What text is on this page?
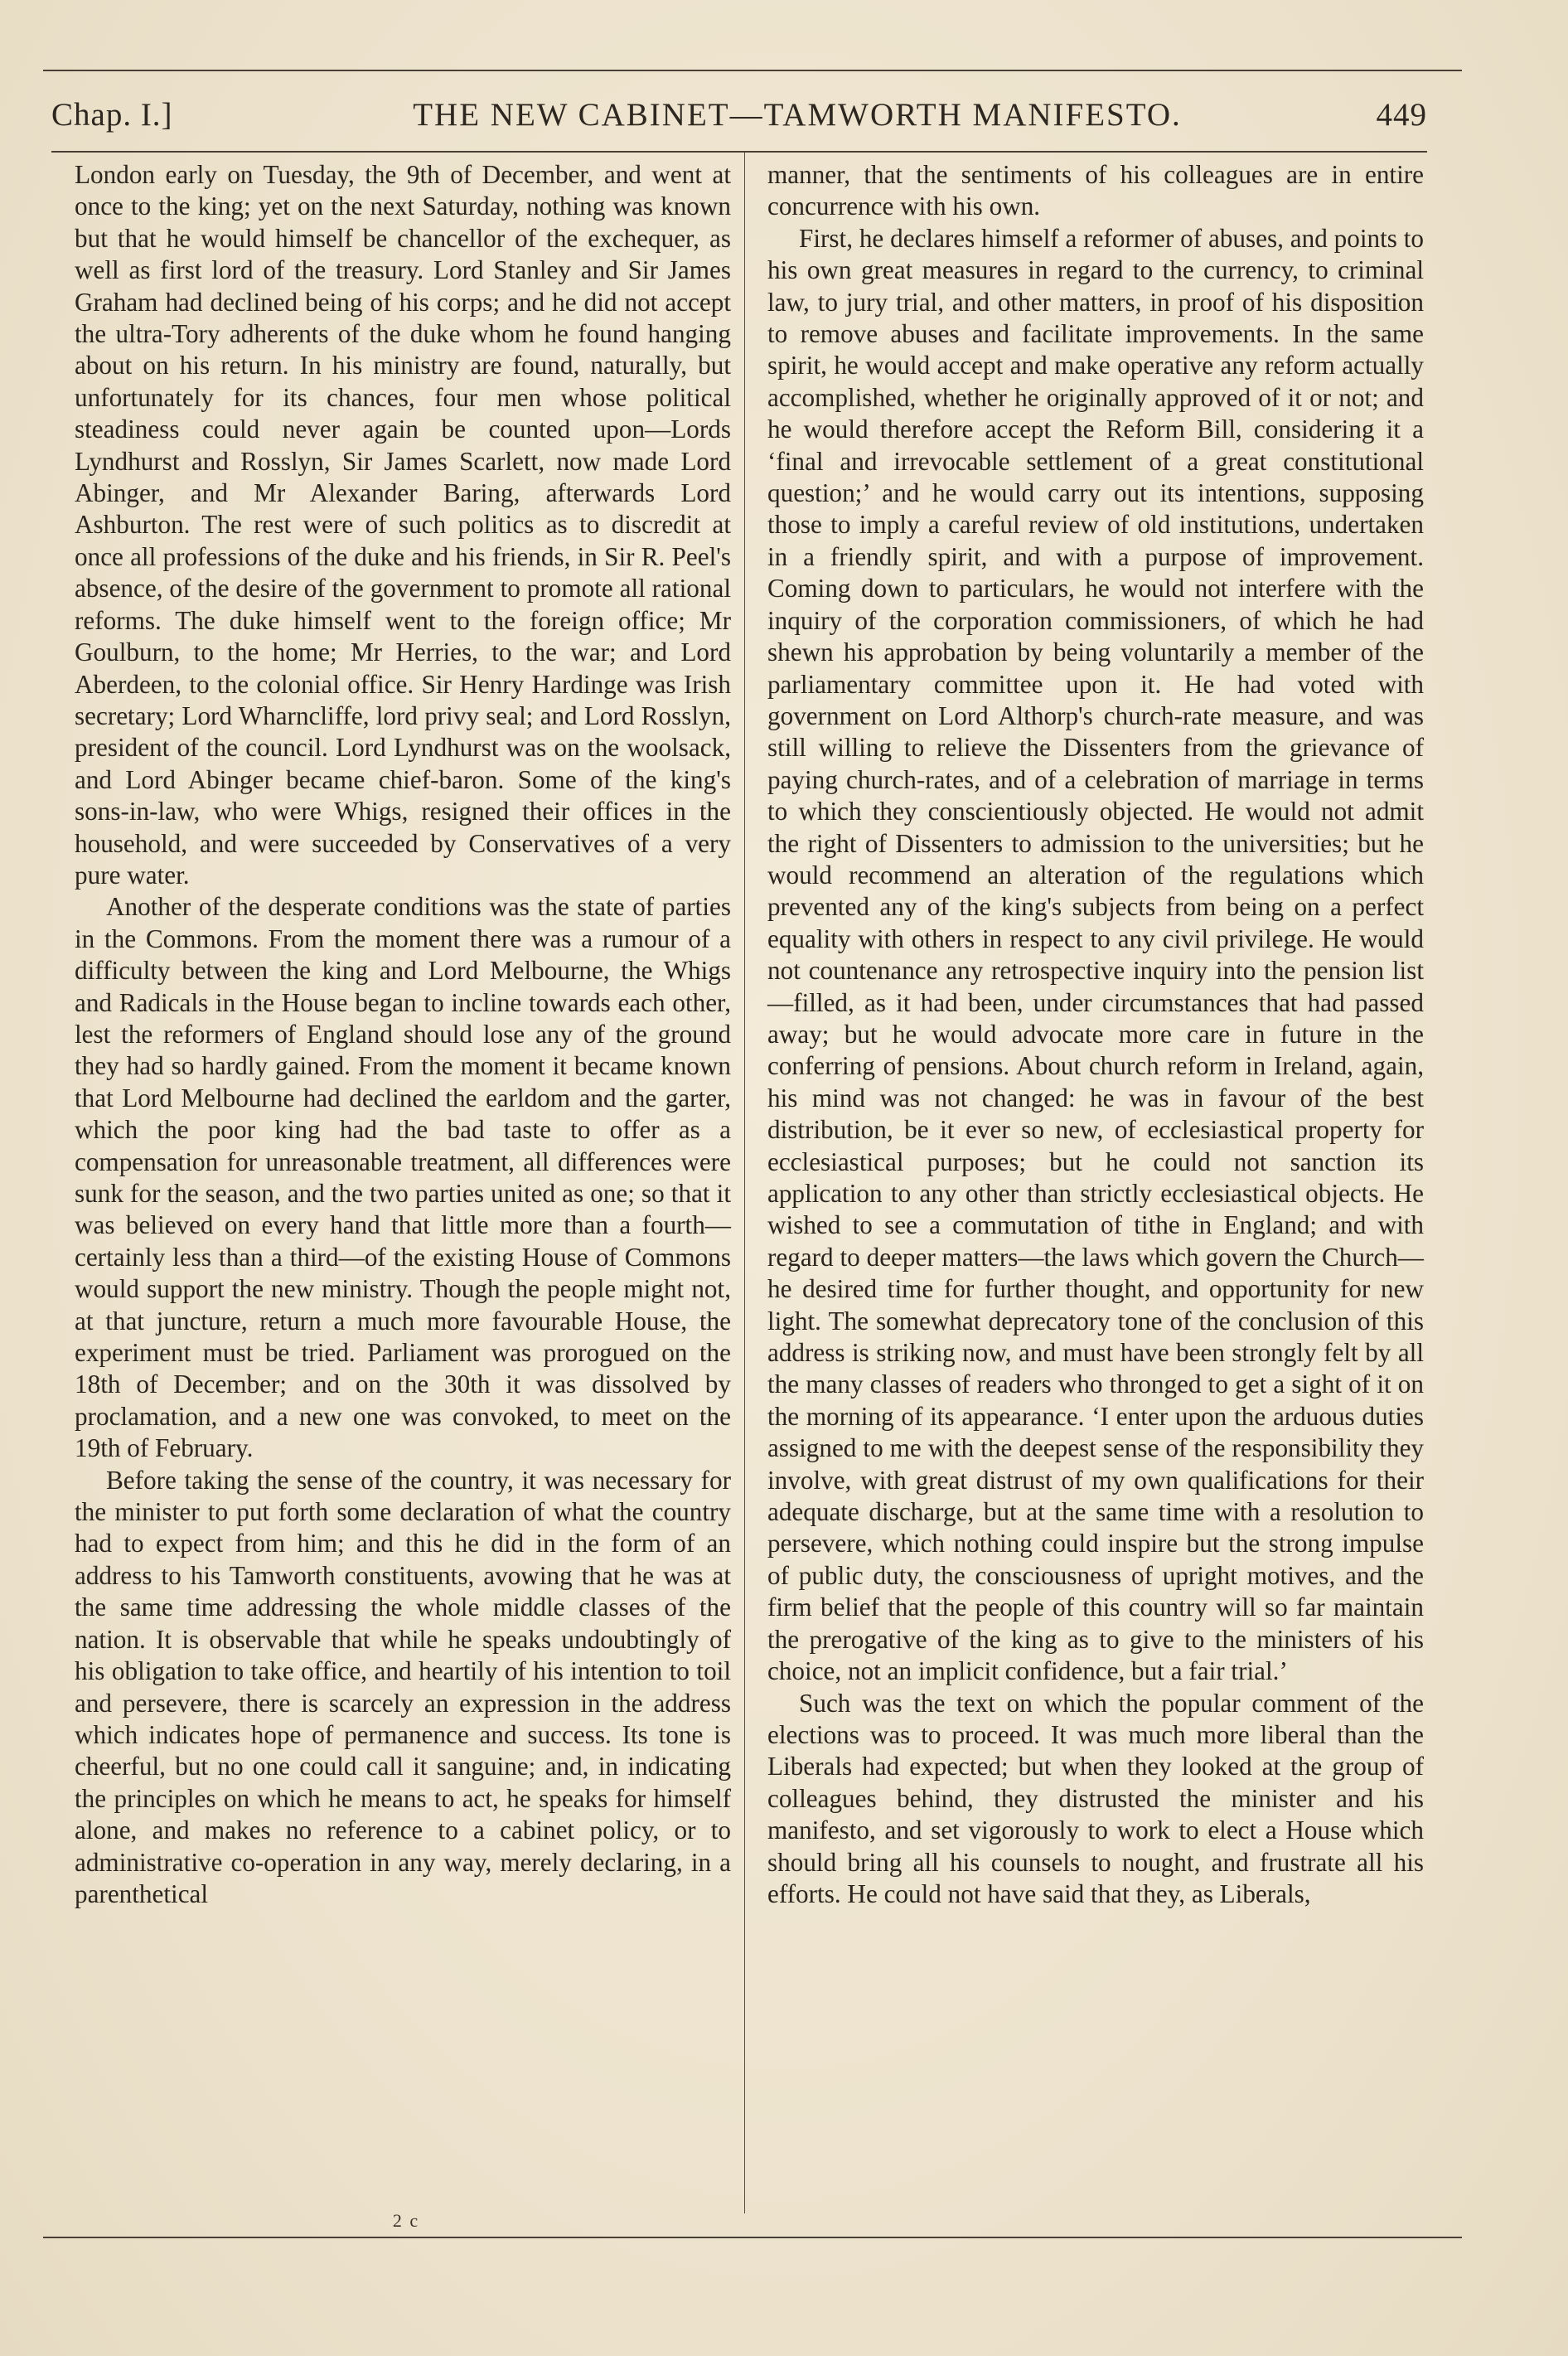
Chap. I.]	THE NEW CABINET—TAMWORTH MANIFESTO.	449

London early on Tuesday, the 9th of December, and went at once to the king; yet on the next Saturday, nothing was known but that he would himself be chancellor of the exchequer, as well as first lord of the treasury. Lord Stanley and Sir James Graham had declined being of his corps; and he did not accept the ultra-Tory adherents of the duke whom he found hanging about on his return. In his ministry are found, naturally, but unfortunately for its chances, four men whose political steadiness could never again be counted upon—Lords Lyndhurst and Rosslyn, Sir James Scarlett, now made Lord Abinger, and Mr Alexander Baring, afterwards Lord Ashburton. The rest were of such politics as to discredit at once all professions of the duke and his friends, in Sir R. Peel's absence, of the desire of the government to promote all rational reforms. The duke himself went to the foreign office; Mr Goulburn, to the home; Mr Herries, to the war; and Lord Aberdeen, to the colonial office. Sir Henry Hardinge was Irish secretary; Lord Wharncliffe, lord privy seal; and Lord Rosslyn, president of the council. Lord Lyndhurst was on the woolsack, and Lord Abinger became chief-baron. Some of the king's sons-in-law, who were Whigs, resigned their offices in the household, and were succeeded by Conservatives of a very pure water.

Another of the desperate conditions was the state of parties in the Commons. From the moment there was a rumour of a difficulty between the king and Lord Melbourne, the Whigs and Radicals in the House began to incline towards each other, lest the reformers of England should lose any of the ground they had so hardly gained. From the moment it became known that Lord Melbourne had declined the earldom and the garter, which the poor king had the bad taste to offer as a compensation for unreasonable treatment, all differences were sunk for the season, and the two parties united as one; so that it was believed on every hand that little more than a fourth—certainly less than a third—of the existing House of Commons would support the new ministry. Though the people might not, at that juncture, return a much more favourable House, the experiment must be tried. Parliament was prorogued on the 18th of December; and on the 30th it was dissolved by proclamation, and a new one was convoked, to meet on the 19th of February.

Before taking the sense of the country, it was necessary for the minister to put forth some declaration of what the country had to expect from him; and this he did in the form of an address to his Tamworth constituents, avowing that he was at the same time addressing the whole middle classes of the nation. It is observable that while he speaks undoubtingly of his obligation to take office, and heartily of his intention to toil and persevere, there is scarcely an expression in the address which indicates hope of permanence and success. Its tone is cheerful, but no one could call it sanguine; and, in indicating the principles on which he means to act, he speaks for himself alone, and makes no reference to a cabinet policy, or to administrative co-operation in any way, merely declaring, in a parenthetical

manner, that the sentiments of his colleagues are in entire concurrence with his own.

First, he declares himself a reformer of abuses, and points to his own great measures in regard to the currency, to criminal law, to jury trial, and other matters, in proof of his disposition to remove abuses and facilitate improvements. In the same spirit, he would accept and make operative any reform actually accomplished, whether he originally approved of it or not; and he would therefore accept the Reform Bill, considering it a ‘final and irrevocable settlement of a great constitutional question;’ and he would carry out its intentions, supposing those to imply a careful review of old institutions, undertaken in a friendly spirit, and with a purpose of improvement. Coming down to particulars, he would not interfere with the inquiry of the corporation commissioners, of which he had shewn his approbation by being voluntarily a member of the parliamentary committee upon it. He had voted with government on Lord Althorp's church-rate measure, and was still willing to relieve the Dissenters from the grievance of paying church-rates, and of a celebration of marriage in terms to which they conscientiously objected. He would not admit the right of Dissenters to admission to the universities; but he would recommend an alteration of the regulations which prevented any of the king's subjects from being on a perfect equality with others in respect to any civil privilege. He would not countenance any retrospective inquiry into the pension list—filled, as it had been, under circumstances that had passed away; but he would advocate more care in future in the conferring of pensions. About church reform in Ireland, again, his mind was not changed: he was in favour of the best distribution, be it ever so new, of ecclesiastical property for ecclesiastical purposes; but he could not sanction its application to any other than strictly ecclesiastical objects. He wished to see a commutation of tithe in England; and with regard to deeper matters—the laws which govern the Church—he desired time for further thought, and opportunity for new light. The somewhat deprecatory tone of the conclusion of this address is striking now, and must have been strongly felt by all the many classes of readers who thronged to get a sight of it on the morning of its appearance. ‘I enter upon the arduous duties assigned to me with the deepest sense of the responsibility they involve, with great distrust of my own qualifications for their adequate discharge, but at the same time with a resolution to persevere, which nothing could inspire but the strong impulse of public duty, the consciousness of upright motives, and the firm belief that the people of this country will so far maintain the prerogative of the king as to give to the ministers of his choice, not an implicit confidence, but a fair trial.’

Such was the text on which the popular comment of the elections was to proceed. It was much more liberal than the Liberals had expected; but when they looked at the group of colleagues behind, they distrusted the minister and his manifesto, and set vigorously to work to elect a House which should bring all his counsels to nought, and frustrate all his efforts. He could not have said that they, as Liberals,

2 c
